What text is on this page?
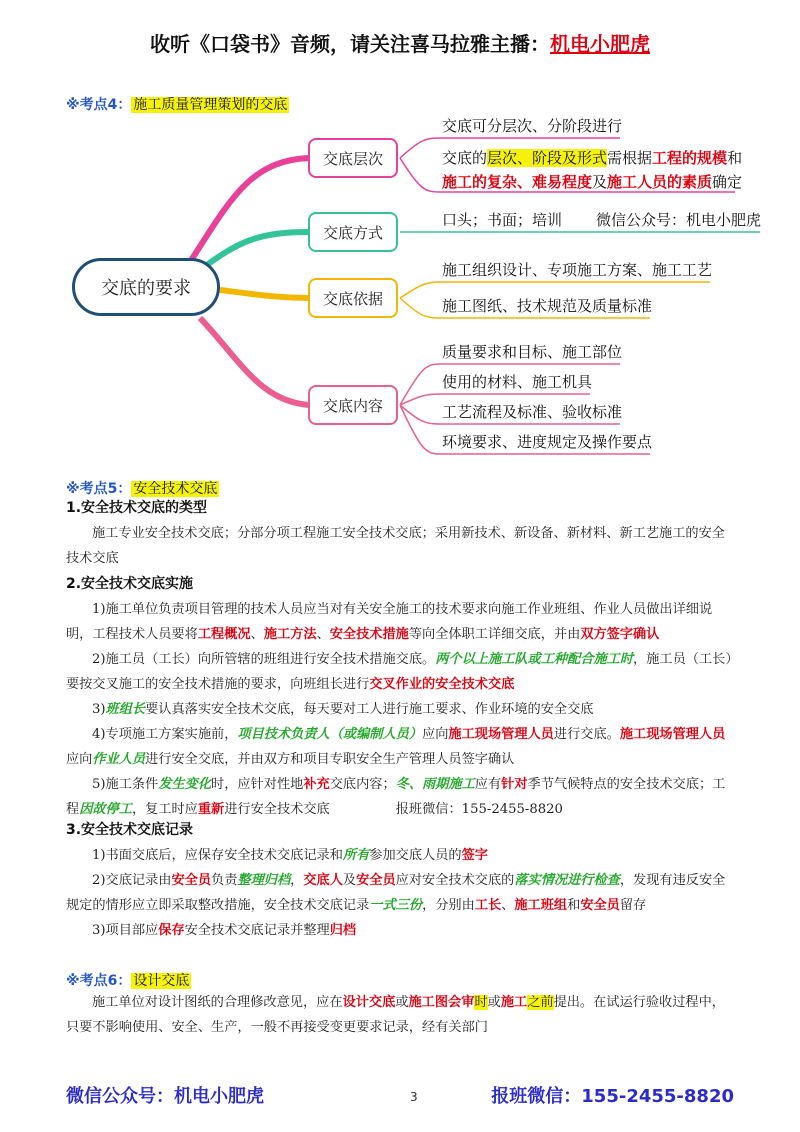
收听《口袋书》音频，请关注喜马拉雅主播：机电小肥虎
※考点4： 施工质量管理策划的交底
交底的要求
交底层次
交底方式
交底依据
交底内容
交底可分层次、分阶段进行
交底的层次、阶段及形式需根据工程的规模和
施工的复杂、难易程度及施工人员的素质确定
口头；书面；培训 微信公众号：机电小肥虎
施工组织设计、专项施工方案、施工工艺
施工图纸、技术规范及质量标准
质量要求和目标、施工部位
使用的材料、施工机具
工艺流程及标准、验收标准
环境要求、进度规定及操作要点
※考点5： 安全技术交底
1.安全技术交底的类型

施工专业安全技术交底；分部分项工程施工安全技术交底；采用新技术、新设备、新材料、新工艺施工的安全技术交底

2.安全技术交底实施

1)施工单位负责项目管理的技术人员应当对有关安全施工的技术要求向施工作业班组、作业人员做出详细说明，工程技术人员要将工程概况、施工方法、安全技术措施等向全体职工详细交底，并由双方签字确认

2)施工员（工长）向所管辖的班组进行安全技术措施交底。两个以上施工队或工种配合施工时，施工员（工长）要按交叉施工的安全技术措施的要求，向班组长进行交叉作业的安全技术交底

3)班组长要认真落实安全技术交底，每天要对工人进行施工要求、作业环境的安全交底

4)专项施工方案实施前，项目技术负责人（或编制人员）应向施工现场管理人员进行交底。施工现场管理人员应向作业人员进行安全交底，并由双方和项目专职安全生产管理人员签字确认

5)施工条件发生变化时，应针对性地补充交底内容；冬、雨期施工应有针对季节气候特点的安全技术交底；工程因故停工，复工时应重新进行安全技术交底	报班微信：155-2455-8820

3.安全技术交底记录

1)书面交底后，应保存安全技术交底记录和所有参加交底人员的签字

2)交底记录由安全员负责整理归档，交底人及安全员应对安全技术交底的落实情况进行检查，发现有违反安全规定的情形应立即采取整改措施，安全技术交底记录一式三份，分别由工长、施工班组和安全员留存

3)项目部应保存安全技术交底记录并整理归档

※考点6： 设计交底

施工单位对设计图纸的合理修改意见，应在设计交底或施工图会审时或施工之前提出。在试运行验收过程中，只要不影响使用、安全、生产，一般不再接受变更要求记录，经有关部门

微信公众号：机电小肥虎	3	报班微信：155-2455-8820
